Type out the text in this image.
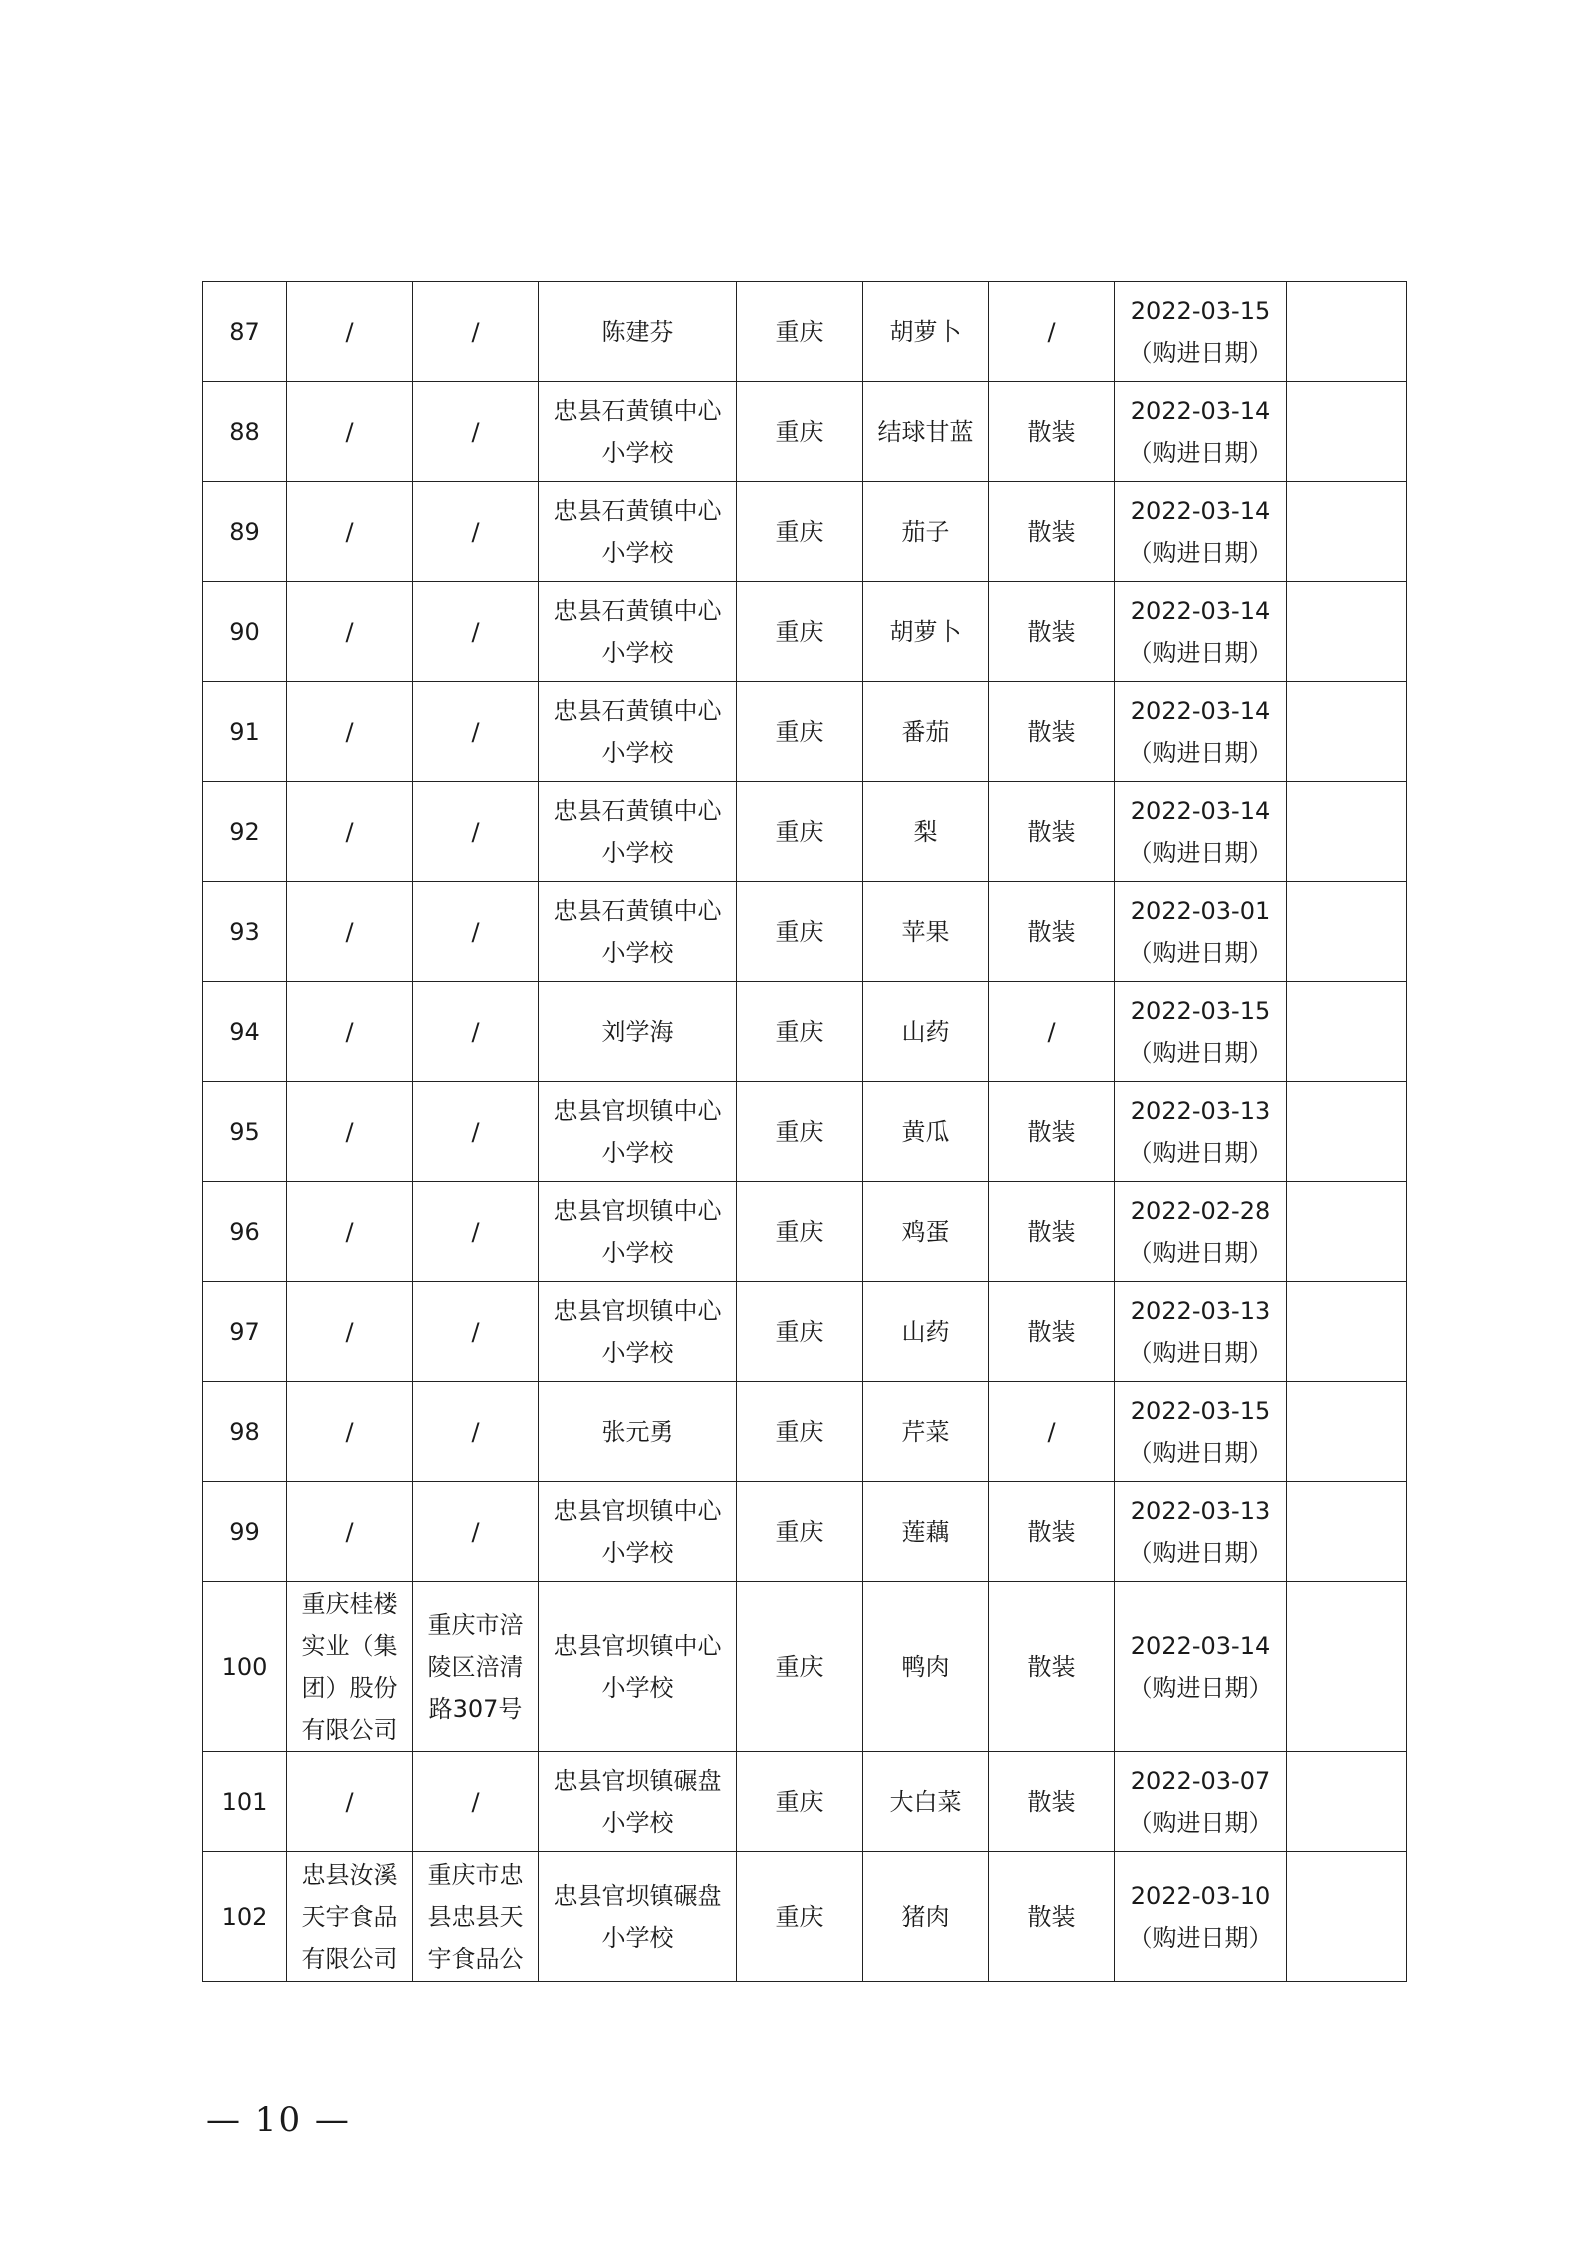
87	/	/	陈建芬	重庆	胡萝卜	/	2022-03-15
（购进日期）	

88	/	/	忠县石黄镇中心小学校	重庆	结球甘蓝	散装	2022-03-14
（购进日期）	

89	/	/	忠县石黄镇中心小学校	重庆	茄子	散装	2022-03-14
（购进日期）	

90	/	/	忠县石黄镇中心小学校	重庆	胡萝卜	散装	2022-03-14
（购进日期）	

91	/	/	忠县石黄镇中心小学校	重庆	番茄	散装	2022-03-14
（购进日期）	

92	/	/	忠县石黄镇中心小学校	重庆	梨	散装	2022-03-14
（购进日期）	

93	/	/	忠县石黄镇中心小学校	重庆	苹果	散装	2022-03-01
（购进日期）	

94	/	/	刘学海	重庆	山药	/	2022-03-15
（购进日期）	

95	/	/	忠县官坝镇中心小学校	重庆	黄瓜	散装	2022-03-13
（购进日期）	

96	/	/	忠县官坝镇中心小学校	重庆	鸡蛋	散装	2022-02-28
（购进日期）	

97	/	/	忠县官坝镇中心小学校	重庆	山药	散装	2022-03-13
（购进日期）	

98	/	/	张元勇	重庆	芹菜	/	2022-03-15
（购进日期）	

99	/	/	忠县官坝镇中心小学校	重庆	莲藕	散装	2022-03-13
（购进日期）	

100	重庆桂楼实业（集团）股份有限公司	重庆市涪陵区涪清路307号	忠县官坝镇中心小学校	重庆	鸭肉	散装	2022-03-14
（购进日期）	

101	/	/	忠县官坝镇碾盘小学校	重庆	大白菜	散装	2022-03-07
（购进日期）	

102	忠县汝溪天宇食品有限公司	重庆市忠县忠县天宇食品公	忠县官坝镇碾盘小学校	重庆	猪肉	散装	2022-03-10
（购进日期）	

— 10 —
